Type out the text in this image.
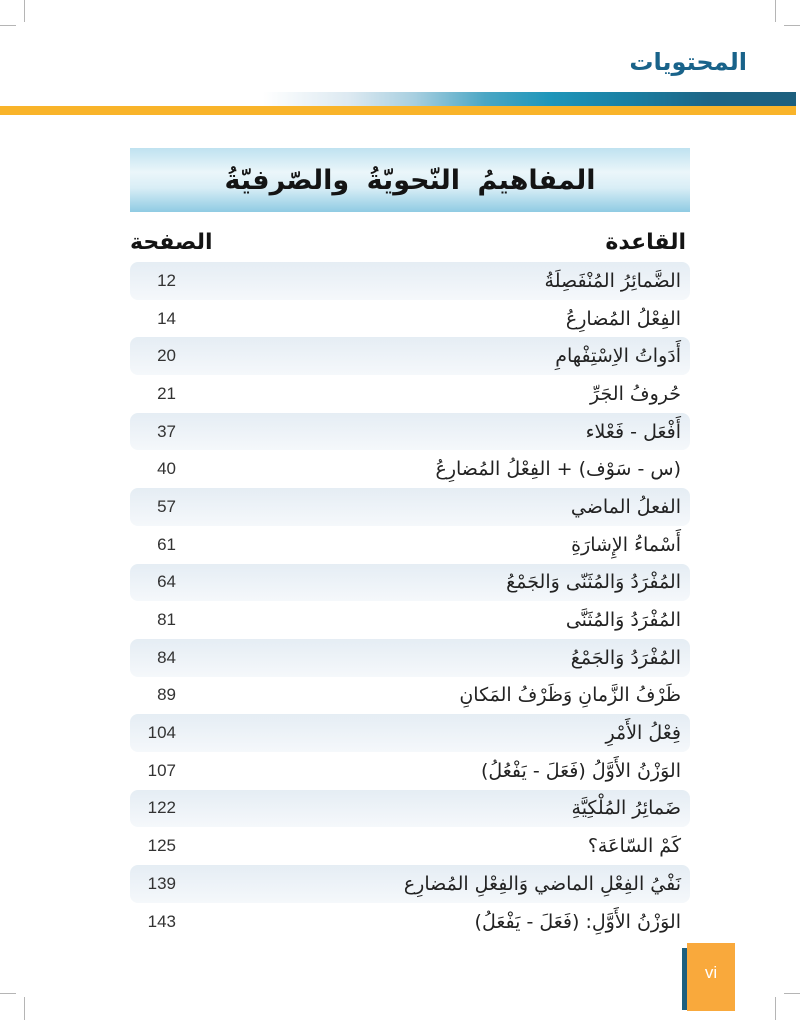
المحتويات
المفاهيمُ النّحويّةُ والصّرفيّةُ
القاعدة
الصفحة
الضَّمائِرُ المُنْفَصِلَةُ
12
الفِعْلُ المُضارِعُ
14
أَدَواتُ الاِسْتِفْهامِ
20
حُروفُ الجَرِّ
21
أَفْعَل - فَعْلاء
37
(س - سَوْف) + الفِعْلُ المُضارِعُ
40
الفعلُ الماضي
57
أَسْماءُ الإِشارَةِ
61
المُفْرَدُ وَالمُثَنّى وَالجَمْعُ
64
المُفْرَدُ وَالمُثَنَّى
81
المُفْرَدُ وَالجَمْعُ
84
ظَرْفُ الزَّمانِ وَظَرْفُ المَكانِ
89
فِعْلُ الأَمْرِ
104
الوَزْنُ الأَوَّلُ (فَعَلَ - يَفْعُلُ)
107
ضَمائِرُ المُلْكِيَّةِ
122
كَمْ السّاعَة؟
125
نَفْيُ الفِعْلِ الماضي وَالفِعْلِ المُضارِع
139
الوَزْنُ الأَوَّلِ: (فَعَلَ - يَفْعَلُ)
143
vi
